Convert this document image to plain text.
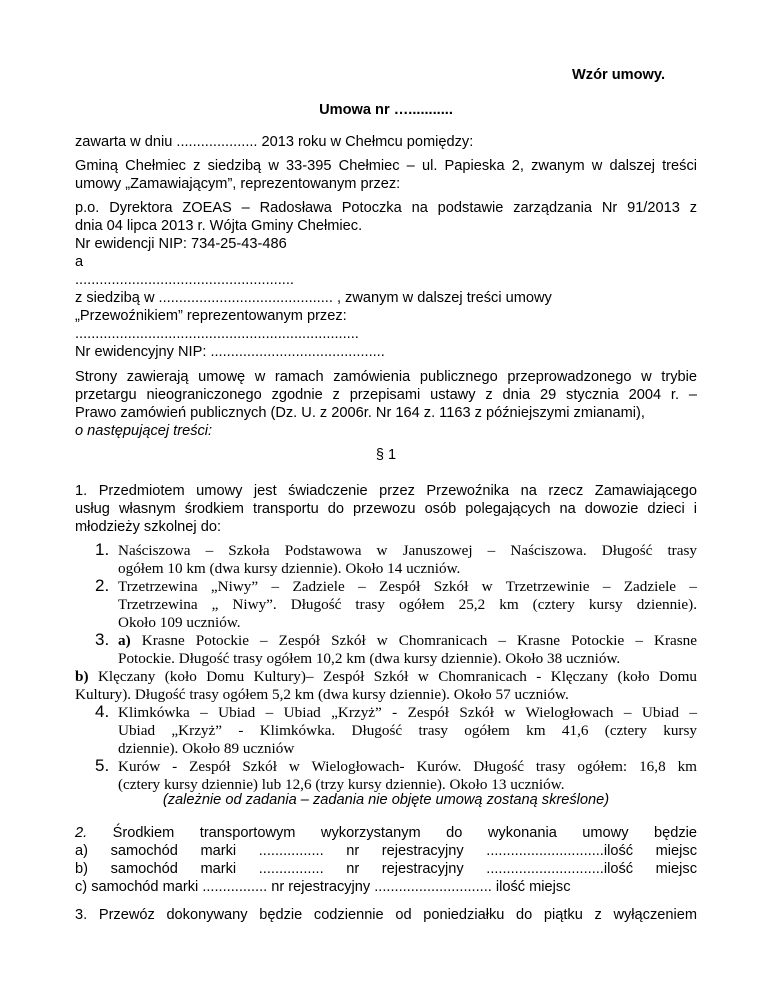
Wzór umowy.
Umowa nr …...........
zawarta w dniu .................... 2013 roku w Chełmcu pomiędzy:
Gminą Chełmiec z siedzibą w 33-395 Chełmiec – ul. Papieska 2, zwanym w dalszej treści
umowy „Zamawiającym”, reprezentowanym przez:
p.o. Dyrektora ZOEAS – Radosława Potoczka na podstawie zarządzania Nr 91/2013 z
dnia 04 lipca 2013 r. Wójta Gminy Chełmiec.
Nr ewidencji NIP: 734-25-43-486
a
......................................................
z siedzibą w ........................................... , zwanym w dalszej treści umowy
„Przewoźnikiem” reprezentowanym przez:
......................................................................
Nr ewidencyjny NIP: ...........................................
Strony zawierają umowę w ramach zamówienia publicznego przeprowadzonego w trybie
przetargu nieograniczonego zgodnie z przepisami ustawy z dnia 29 stycznia 2004 r. –
Prawo zamówień publicznych (Dz. U. z 2006r. Nr 164 z. 1163 z późniejszymi zmianami),
o następującej treści:
§ 1
1. Przedmiotem umowy jest świadczenie przez Przewoźnika na rzecz Zamawiającego
usług własnym środkiem transportu do przewozu osób polegających na dowozie dzieci i
młodzieży szkolnej do:
1. Naściszowa – Szkoła Podstawowa w Januszowej – Naściszowa. Długość trasy
ogółem 10 km (dwa kursy dziennie). Około 14 uczniów.
2. Trzetrzewina „Niwy” – Zadziele – Zespół Szkół w Trzetrzewinie – Zadziele –
Trzetrzewina „ Niwy”. Długość trasy ogółem 25,2 km (cztery kursy dziennie).
Około 109 uczniów.
3. a) Krasne Potockie – Zespół Szkół w Chomranicach – Krasne Potockie – Krasne
Potockie. Długość trasy ogółem 10,2 km (dwa kursy dziennie). Około 38 uczniów.
b) Klęczany (koło Domu Kultury)– Zespół Szkół w Chomranicach - Klęczany (koło Domu
Kultury). Długość trasy ogółem 5,2 km (dwa kursy dziennie). Około 57 uczniów.
4. Klimkówka – Ubiad – Ubiad „Krzyż” - Zespół Szkół w Wielogłowach – Ubiad –
Ubiad „Krzyż” - Klimkówka. Długość trasy ogółem km 41,6 (cztery kursy
dziennie). Około 89 uczniów
5. Kurów - Zespół Szkół w Wielogłowach- Kurów. Długość trasy ogółem: 16,8 km
(cztery kursy dziennie) lub 12,6 (trzy kursy dziennie). Około 13 uczniów.
(zależnie od zadania – zadania nie objęte umową zostaną skreślone)
2. Środkiem transportowym wykorzystanym do wykonania umowy będzie
a) samochód marki ................ nr rejestracyjny .............................ilość miejsc
b) samochód marki ................ nr rejestracyjny .............................ilość miejsc
c) samochód marki ................ nr rejestracyjny ............................. ilość miejsc
3. Przewóz dokonywany będzie codziennie od poniedziałku do piątku z wyłączeniem
